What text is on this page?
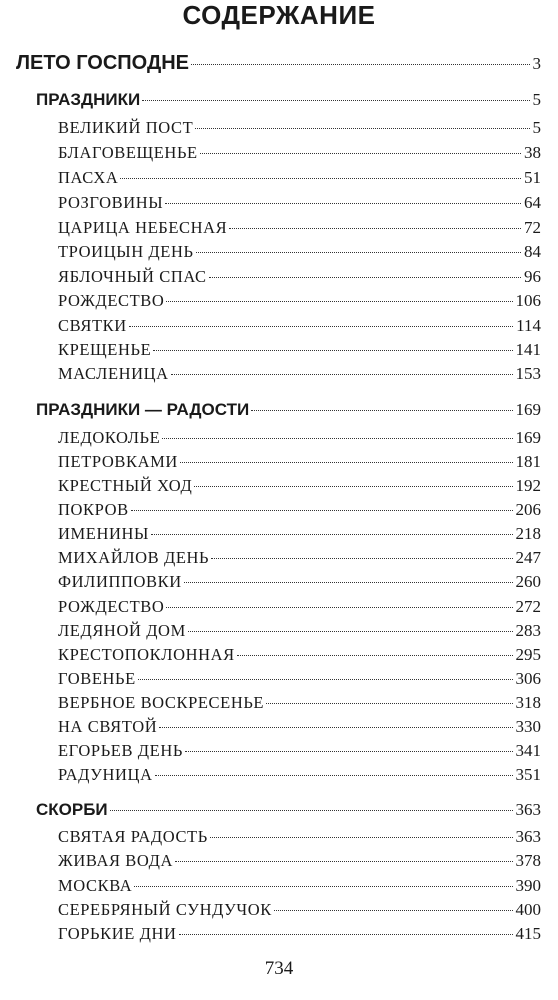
СОДЕРЖАНИЕ
ЛЕТО ГОСПОДНЕ	3
ПРАЗДНИКИ	5
ВЕЛИКИЙ ПОСТ	5
БЛАГОВЕЩЕНЬЕ	38
ПАСХА	51
РОЗГОВИНЫ	64
ЦАРИЦА НЕБЕСНАЯ	72
ТРОИЦЫН ДЕНЬ	84
ЯБЛОЧНЫЙ СПАС	96
РОЖДЕСТВО	106
СВЯТКИ	114
КРЕЩЕНЬЕ	141
МАСЛЕНИЦА	153
ПРАЗДНИКИ — РАДОСТИ	169
ЛЕДОКОЛЬЕ	169
ПЕТРОВКАМИ	181
КРЕСТНЫЙ ХОД	192
ПОКРОВ	206
ИМЕНИНЫ	218
МИХАЙЛОВ ДЕНЬ	247
ФИЛИППОВКИ	260
РОЖДЕСТВО	272
ЛЕДЯНОЙ ДОМ	283
КРЕСТОПОКЛОННАЯ	295
ГОВЕНЬЕ	306
ВЕРБНОЕ ВОСКРЕСЕНЬЕ	318
НА СВЯТОЙ	330
ЕГОРЬЕВ ДЕНЬ	341
РАДУНИЦА	351
СКОРБИ	363
СВЯТАЯ РАДОСТЬ	363
ЖИВАЯ ВОДА	378
МОСКВА	390
СЕРЕБРЯНЫЙ СУНДУЧОК	400
ГОРЬКИЕ ДНИ	415
734
